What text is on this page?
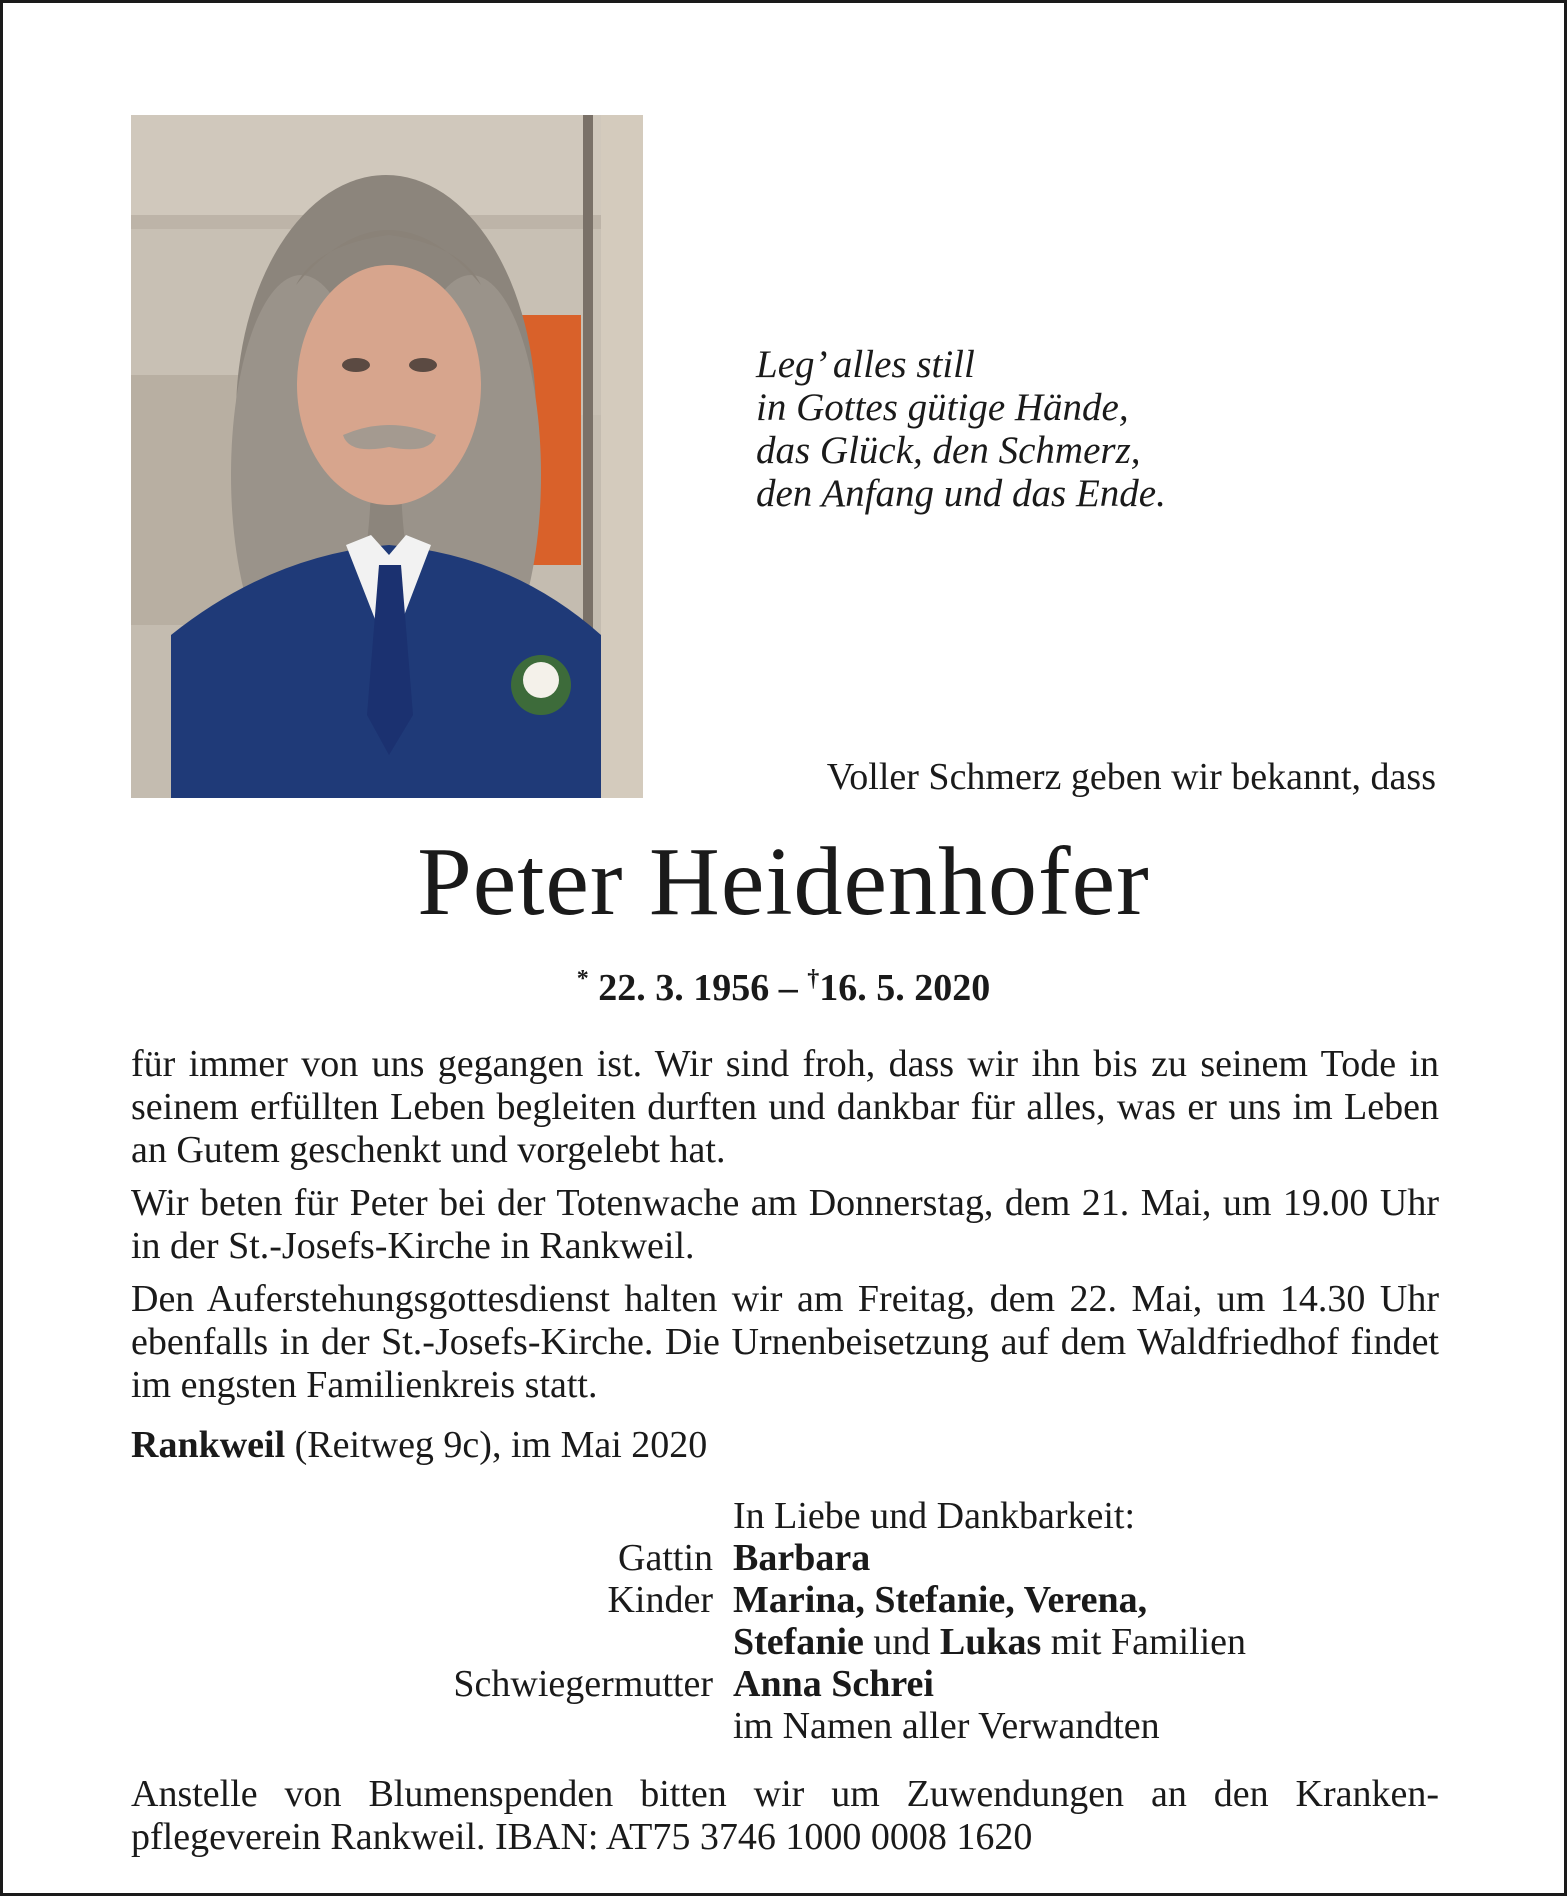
Leg’ alles still
in Gottes gütige Hände,
das Glück, den Schmerz,
den Anfang und das Ende.
Voller Schmerz geben wir bekannt, dass
Peter Heidenhofer
* 22. 3. 1956 – †16. 5. 2020

für immer von uns gegangen ist. Wir sind froh, dass wir ihn bis zu seinem Tode in seinem erfüllten Leben begleiten durften und dankbar für alles, was er uns im Leben an Gutem geschenkt und vorgelebt hat.

Wir beten für Peter bei der Totenwache am Donnerstag, dem 21. Mai, um 19.00 Uhr in der St.-Josefs-Kirche in Rankweil.

Den Auferstehungsgottesdienst halten wir am Freitag, dem 22. Mai, um 14.30 Uhr ebenfalls in der St.-Josefs-Kirche. Die Urnenbeisetzung auf dem Waldfriedhof findet im engsten Familienkreis statt.

Rankweil (Reitweg 9c), im Mai 2020
In Liebe und Dankbarkeit:
Gattin Barbara
Kinder Marina, Stefanie, Verena,
Stefanie und Lukas mit Familien
Schwiegermutter Anna Schrei
im Namen aller Verwandten
Anstelle von Blumenspenden bitten wir um Zuwendungen an den Krankenpflegeverein Rankweil. IBAN: AT75 3746 1000 0008 1620
